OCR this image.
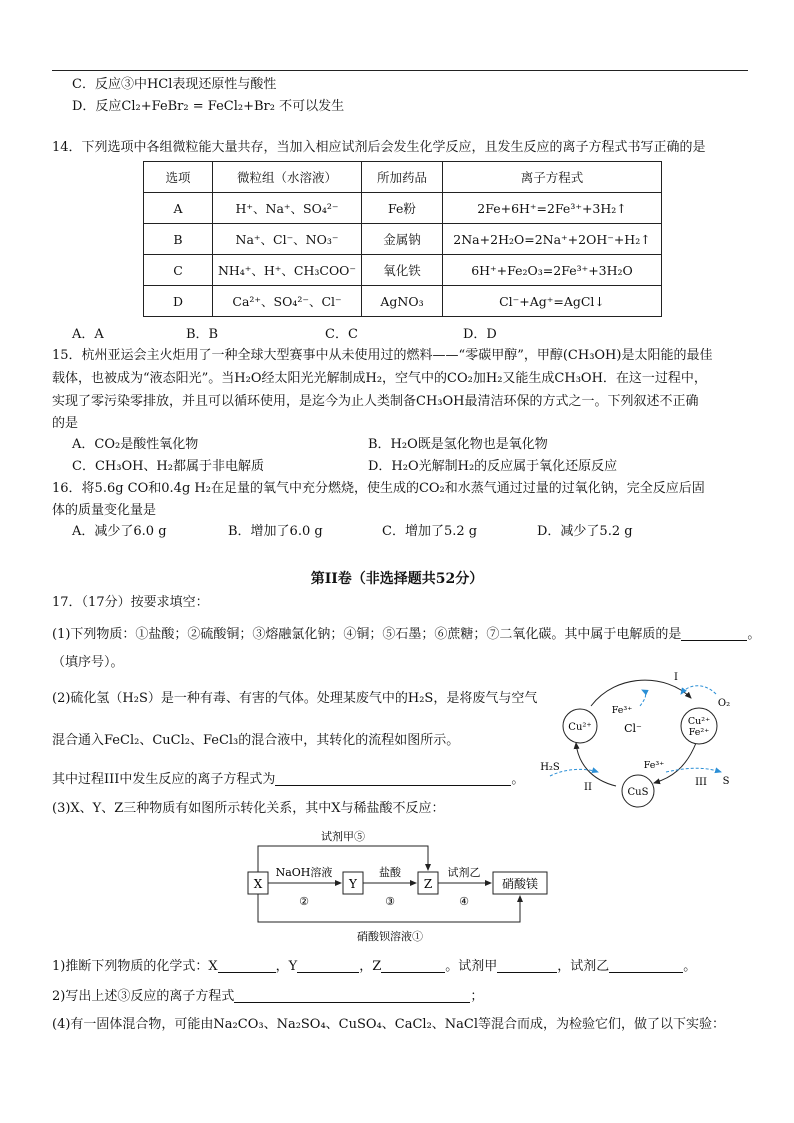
C．反应③中HCl表现还原性与酸性
D．反应Cl₂+FeBr₂ = FeCl₂+Br₂ 不可以发生
14．下列选项中各组微粒能大量共存，当加入相应试剂后会发生化学反应，且发生反应的离子方程式书写正确的是
选项	微粒组（水溶液）	所加药品	离子方程式
A	H⁺、Na⁺、SO₄²⁻	Fe粉	2Fe+6H⁺=2Fe³⁺+3H₂↑
B	Na⁺、Cl⁻、NO₃⁻	金属钠	2Na+2H₂O=2Na⁺+2OH⁻+H₂↑
C	NH₄⁺、H⁺、CH₃COO⁻	氧化铁	6H⁺+Fe₂O₃=2Fe³⁺+3H₂O
D	Ca²⁺、SO₄²⁻、Cl⁻	AgNO₃	Cl⁻+Ag⁺=AgCl↓
A．A	B．B	C．C	D．D
15．杭州亚运会主火炬用了一种全球大型赛事中从未使用过的燃料——“零碳甲醇”，甲醇(CH₃OH)是太阳能的最佳
载体，也被成为“液态阳光”。当H₂O经太阳光光解制成H₂，空气中的CO₂加H₂又能生成CH₃OH．在这一过程中，
实现了零污染零排放，并且可以循环使用，是迄今为止人类制备CH₃OH最清洁环保的方式之一。下列叙述不正确
的是
A．CO₂是酸性氧化物	B．H₂O既是氢化物也是氧化物
C．CH₃OH、H₂都属于非电解质	D．H₂O光解制H₂的反应属于氧化还原反应
16．将5.6g CO和0.4g H₂在足量的氧气中充分燃烧，使生成的CO₂和水蒸气通过过量的过氧化钠，完全反应后固
体的质量变化量是
A．减少了6.0 g	B．增加了6.0 g	C．增加了5.2 g	D．减少了5.2 g
第II卷（非选择题共52分）
17．（17分）按要求填空：
(1)下列物质：①盐酸；②硫酸铜；③熔融氯化钠；④铜；⑤石墨；⑥蔗糖；⑦二氧化碳。其中属于电解质的是	。
（填序号）。
(2)硫化氢（H₂S）是一种有毒、有害的气体。处理某废气中的H₂S，是将废气与空气
混合通入FeCl₂、CuCl₂、FeCl₃的混合液中，其转化的流程如图所示。
其中过程III中发生反应的离子方程式为	。
Cu²⁺
Cu²⁺
Fe²⁺
CuS
Cl⁻
Fe³⁺
Fe³⁺
I
II	III
O₂
H₂S
S
(3)X、Y、Z三种物质有如图所示转化关系，其中X与稀盐酸不反应：
X	Y	Z	硝酸镁
NaOH溶液
②
盐酸
③
试剂乙
④
试剂甲⑤
硝酸钡溶液①
1)推断下列物质的化学式：X	，Y	，Z	。试剂甲	，试剂乙	。
2)写出上述③反应的离子方程式	；
(4)有一固体混合物，可能由Na₂CO₃、Na₂SO₄、CuSO₄、CaCl₂、NaCl等混合而成，为检验它们，做了以下实验：
